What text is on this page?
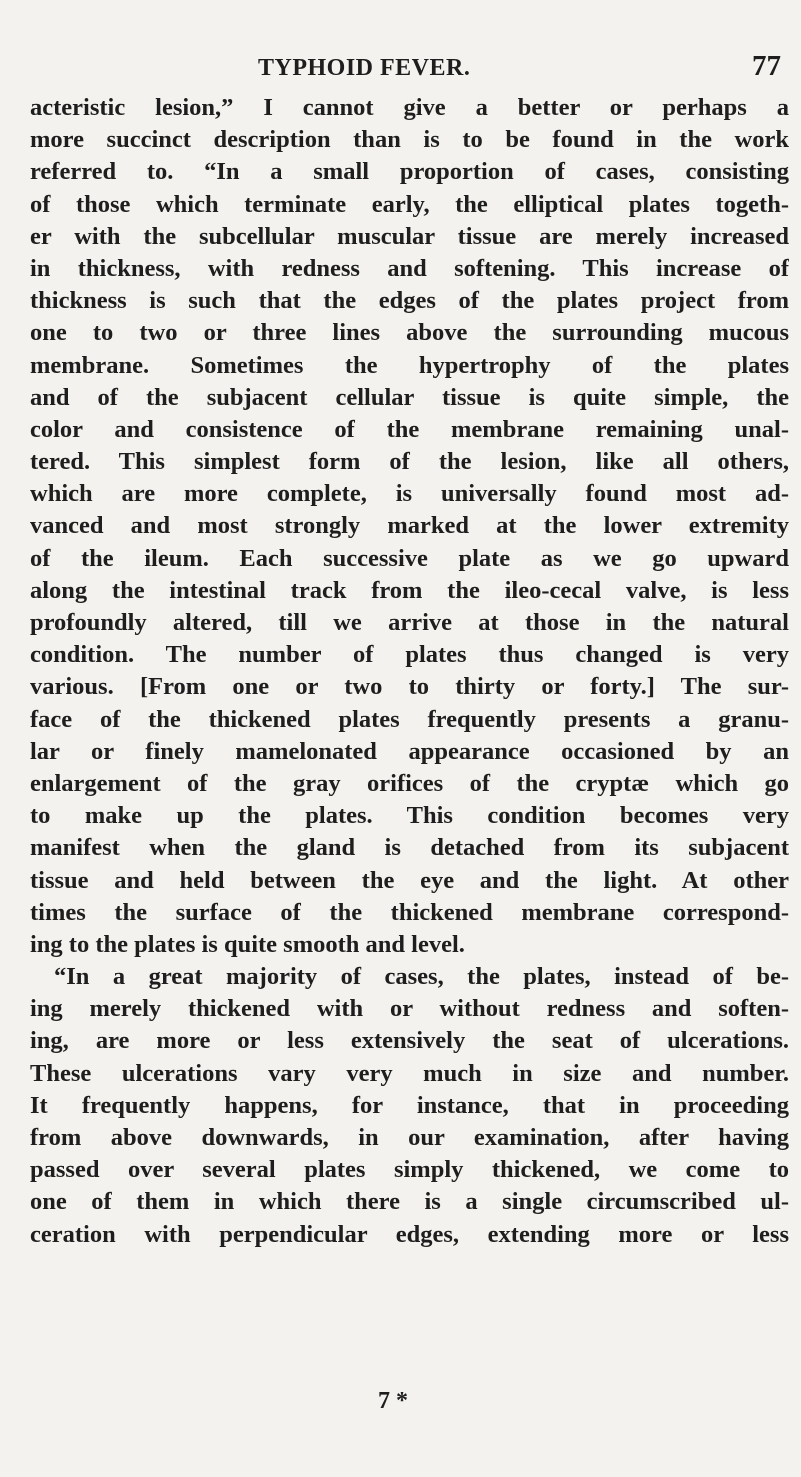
TYPHOID FEVER.	77
acteristic lesion,” I cannot give a better or perhaps a
more succinct description than is to be found in the work
referred to. “In a small proportion of cases, consisting
of those which terminate early, the elliptical plates togeth-
er with the subcellular muscular tissue are merely increased
in thickness, with redness and softening. This increase of
thickness is such that the edges of the plates project from
one to two or three lines above the surrounding mucous
membrane. Sometimes the hypertrophy of the plates
and of the subjacent cellular tissue is quite simple, the
color and consistence of the membrane remaining unal-
tered. This simplest form of the lesion, like all others,
which are more complete, is universally found most ad-
vanced and most strongly marked at the lower extremity
of the ileum. Each successive plate as we go upward
along the intestinal track from the ileo-cecal valve, is less
profoundly altered, till we arrive at those in the natural
condition. The number of plates thus changed is very
various. [From one or two to thirty or forty.] The sur-
face of the thickened plates frequently presents a granu-
lar or finely mamelonated appearance occasioned by an
enlargement of the gray orifices of the cryptæ which go
to make up the plates. This condition becomes very
manifest when the gland is detached from its subjacent
tissue and held between the eye and the light. At other
times the surface of the thickened membrane correspond-
ing to the plates is quite smooth and level.
“In a great majority of cases, the plates, instead of be-
ing merely thickened with or without redness and soften-
ing, are more or less extensively the seat of ulcerations.
These ulcerations vary very much in size and number.
It frequently happens, for instance, that in proceeding
from above downwards, in our examination, after having
passed over several plates simply thickened, we come to
one of them in which there is a single circumscribed ul-
ceration with perpendicular edges, extending more or less
7 *
